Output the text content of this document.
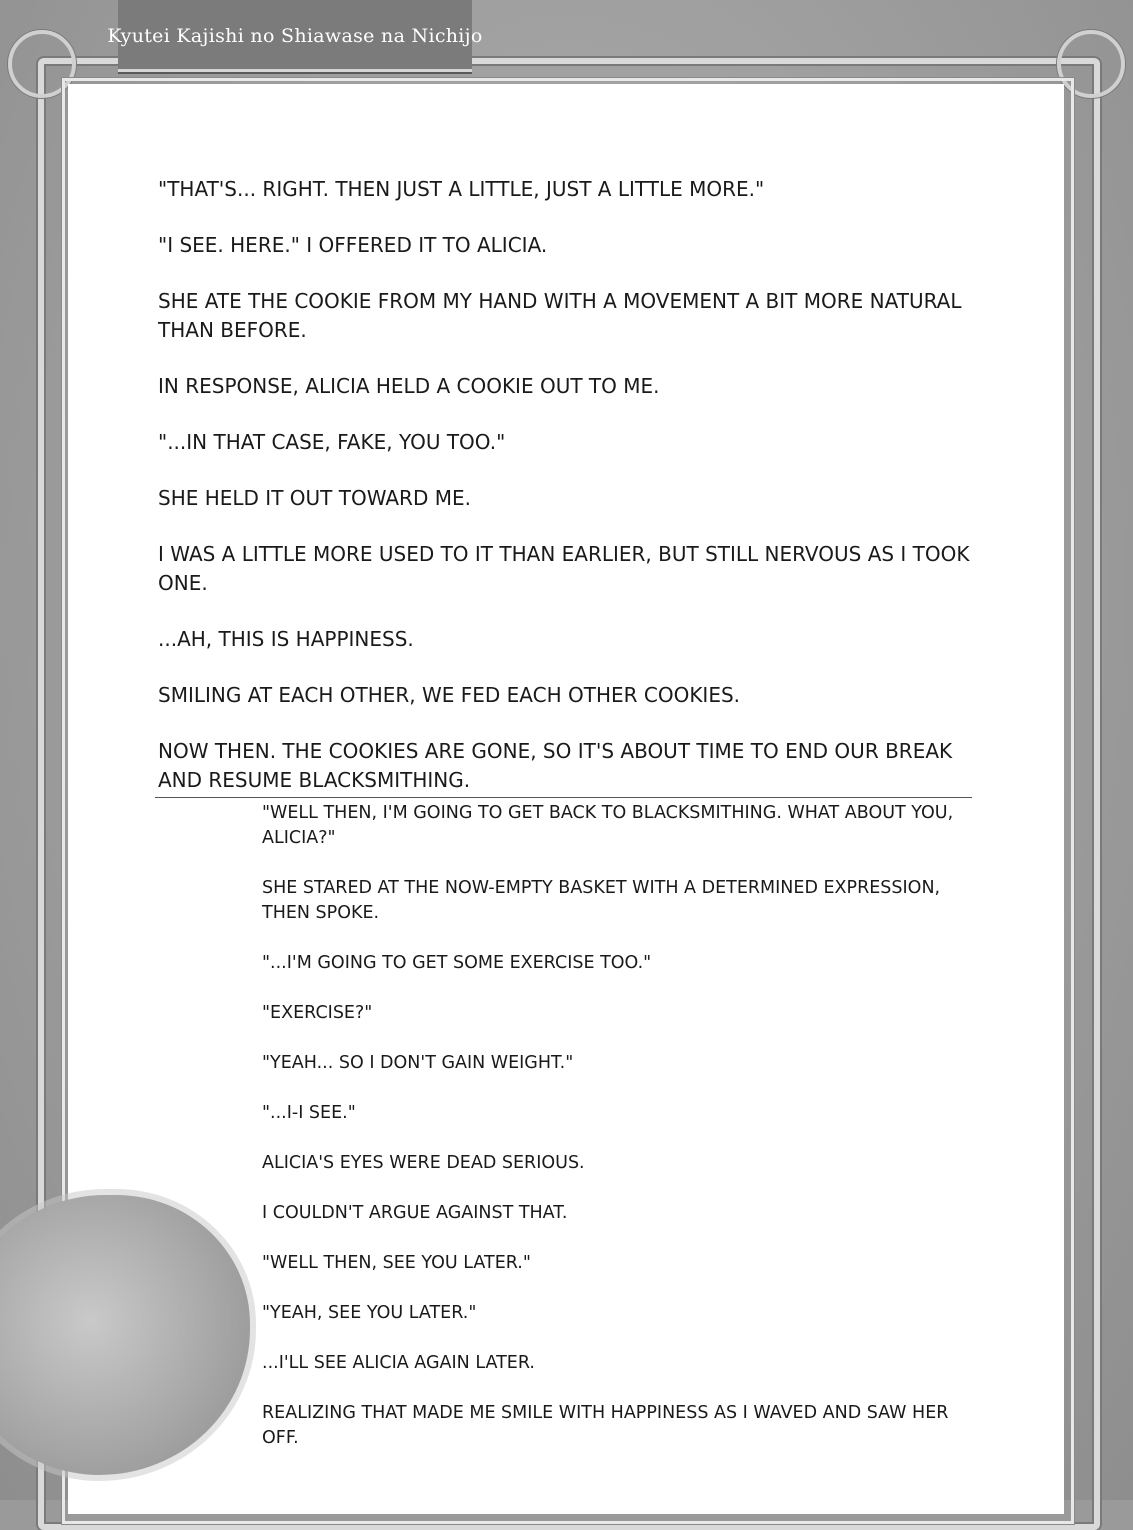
Kyutei Kajishi no Shiawase na Nichijo

"THAT'S... RIGHT. THEN JUST A LITTLE, JUST A LITTLE MORE."

"I SEE. HERE." I OFFERED IT TO ALICIA.

SHE ATE THE COOKIE FROM MY HAND WITH A MOVEMENT A BIT MORE NATURAL THAN BEFORE.

IN RESPONSE, ALICIA HELD A COOKIE OUT TO ME.

"...IN THAT CASE, FAKE, YOU TOO."

SHE HELD IT OUT TOWARD ME.

I WAS A LITTLE MORE USED TO IT THAN EARLIER, BUT STILL NERVOUS AS I TOOK ONE.

...AH, THIS IS HAPPINESS.

SMILING AT EACH OTHER, WE FED EACH OTHER COOKIES.

NOW THEN. THE COOKIES ARE GONE, SO IT'S ABOUT TIME TO END OUR BREAK AND RESUME BLACKSMITHING.

"WELL THEN, I'M GOING TO GET BACK TO BLACKSMITHING. WHAT ABOUT YOU, ALICIA?"

SHE STARED AT THE NOW-EMPTY BASKET WITH A DETERMINED EXPRESSION, THEN SPOKE.

"...I'M GOING TO GET SOME EXERCISE TOO."

"EXERCISE?"

"YEAH... SO I DON'T GAIN WEIGHT."

"...I-I SEE."

ALICIA'S EYES WERE DEAD SERIOUS.

I COULDN'T ARGUE AGAINST THAT.

"WELL THEN, SEE YOU LATER."

"YEAH, SEE YOU LATER."

...I'LL SEE ALICIA AGAIN LATER.

REALIZING THAT MADE ME SMILE WITH HAPPINESS AS I WAVED AND SAW HER OFF.
